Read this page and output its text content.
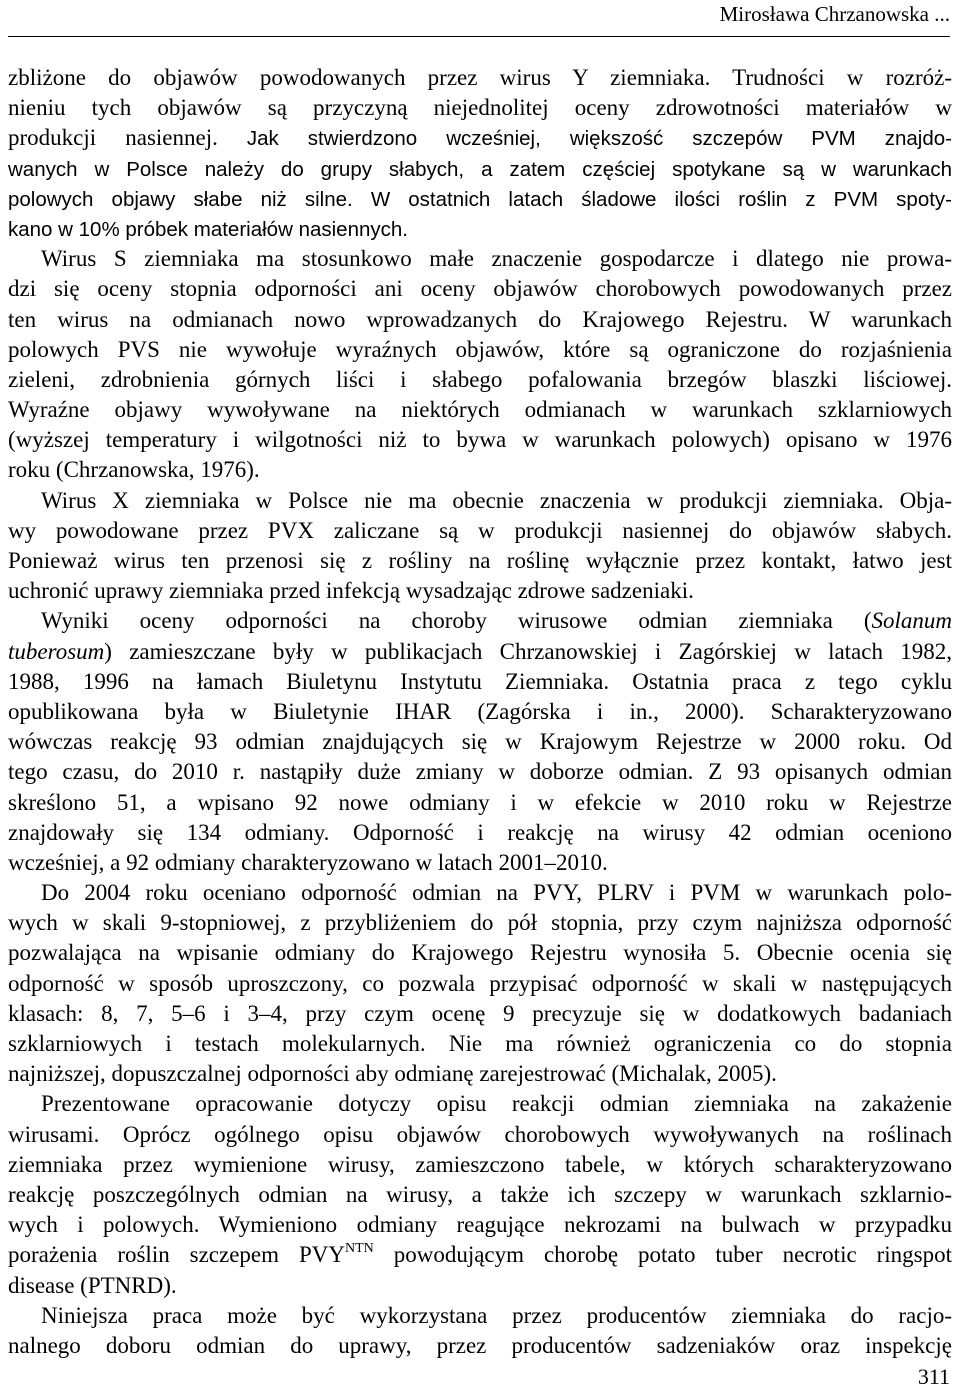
Mirosława Chrzanowska ...
zbliżone do objawów powodowanych przez wirus Y ziemniaka. Trudności w rozróż-
nieniu tych objawów są przyczyną niejednolitej oceny zdrowotności materiałów w
produkcji nasiennej. Jak stwierdzono wcześniej, większość szczepów PVM znajdo-
wanych w Polsce należy do grupy słabych, a zatem częściej spotykane są w warunkach
polowych objawy słabe niż silne. W ostatnich latach śladowe ilości roślin z PVM spoty-
kano w 10% próbek materiałów nasiennych.
Wirus S ziemniaka ma stosunkowo małe znaczenie gospodarcze i dlatego nie prowa-
dzi się oceny stopnia odporności ani oceny objawów chorobowych powodowanych przez
ten wirus na odmianach nowo wprowadzanych do Krajowego Rejestru. W warunkach
polowych PVS nie wywołuje wyraźnych objawów, które są ograniczone do rozjaśnienia
zieleni, zdrobnienia górnych liści i słabego pofalowania brzegów blaszki liściowej.
Wyraźne objawy wywoływane na niektórych odmianach w warunkach szklarniowych
(wyższej temperatury i wilgotności niż to bywa w warunkach polowych) opisano w 1976
roku (Chrzanowska, 1976).
Wirus X ziemniaka w Polsce nie ma obecnie znaczenia w produkcji ziemniaka. Obja-
wy powodowane przez PVX zaliczane są w produkcji nasiennej do objawów słabych.
Ponieważ wirus ten przenosi się z rośliny na roślinę wyłącznie przez kontakt, łatwo jest
uchronić uprawy ziemniaka przed infekcją wysadzając zdrowe sadzeniaki.
Wyniki oceny odporności na choroby wirusowe odmian ziemniaka (Solanum
tuberosum) zamieszczane były w publikacjach Chrzanowskiej i Zagórskiej w latach 1982,
1988, 1996 na łamach Biuletynu Instytutu Ziemniaka. Ostatnia praca z tego cyklu
opublikowana była w Biuletynie IHAR (Zagórska i in., 2000). Scharakteryzowano
wówczas reakcję 93 odmian znajdujących się w Krajowym Rejestrze w 2000 roku. Od
tego czasu, do 2010 r. nastąpiły duże zmiany w doborze odmian. Z 93 opisanych odmian
skreślono 51, a wpisano 92 nowe odmiany i w efekcie w 2010 roku w Rejestrze
znajdowały się 134 odmiany. Odporność i reakcję na wirusy 42 odmian oceniono
wcześniej, a 92 odmiany charakteryzowano w latach 2001–2010.
Do 2004 roku oceniano odporność odmian na PVY, PLRV i PVM w warunkach polo-
wych w skali 9-stopniowej, z przybliżeniem do pół stopnia, przy czym najniższa odporność
pozwalająca na wpisanie odmiany do Krajowego Rejestru wynosiła 5. Obecnie ocenia się
odporność w sposób uproszczony, co pozwala przypisać odporność w skali w następujących
klasach: 8, 7, 5–6 i 3–4, przy czym ocenę 9 precyzuje się w dodatkowych badaniach
szklarniowych i testach molekularnych. Nie ma również ograniczenia co do stopnia
najniższej, dopuszczalnej odporności aby odmianę zarejestrować (Michalak, 2005).
Prezentowane opracowanie dotyczy opisu reakcji odmian ziemniaka na zakażenie
wirusami. Oprócz ogólnego opisu objawów chorobowych wywoływanych na roślinach
ziemniaka przez wymienione wirusy, zamieszczono tabele, w których scharakteryzowano
reakcję poszczególnych odmian na wirusy, a także ich szczepy w warunkach szklarnio-
wych i polowych. Wymieniono odmiany reagujące nekrozami na bulwach w przypadku
porażenia roślin szczepem $PVY^{NTN}$ powodującym chorobę potato tuber necrotic ringspot
disease (PTNRD).
Niniejsza praca może być wykorzystana przez producentów ziemniaka do racjo-
nalnego doboru odmian do uprawy, przez producentów sadzeniaków oraz inspekcję
311
